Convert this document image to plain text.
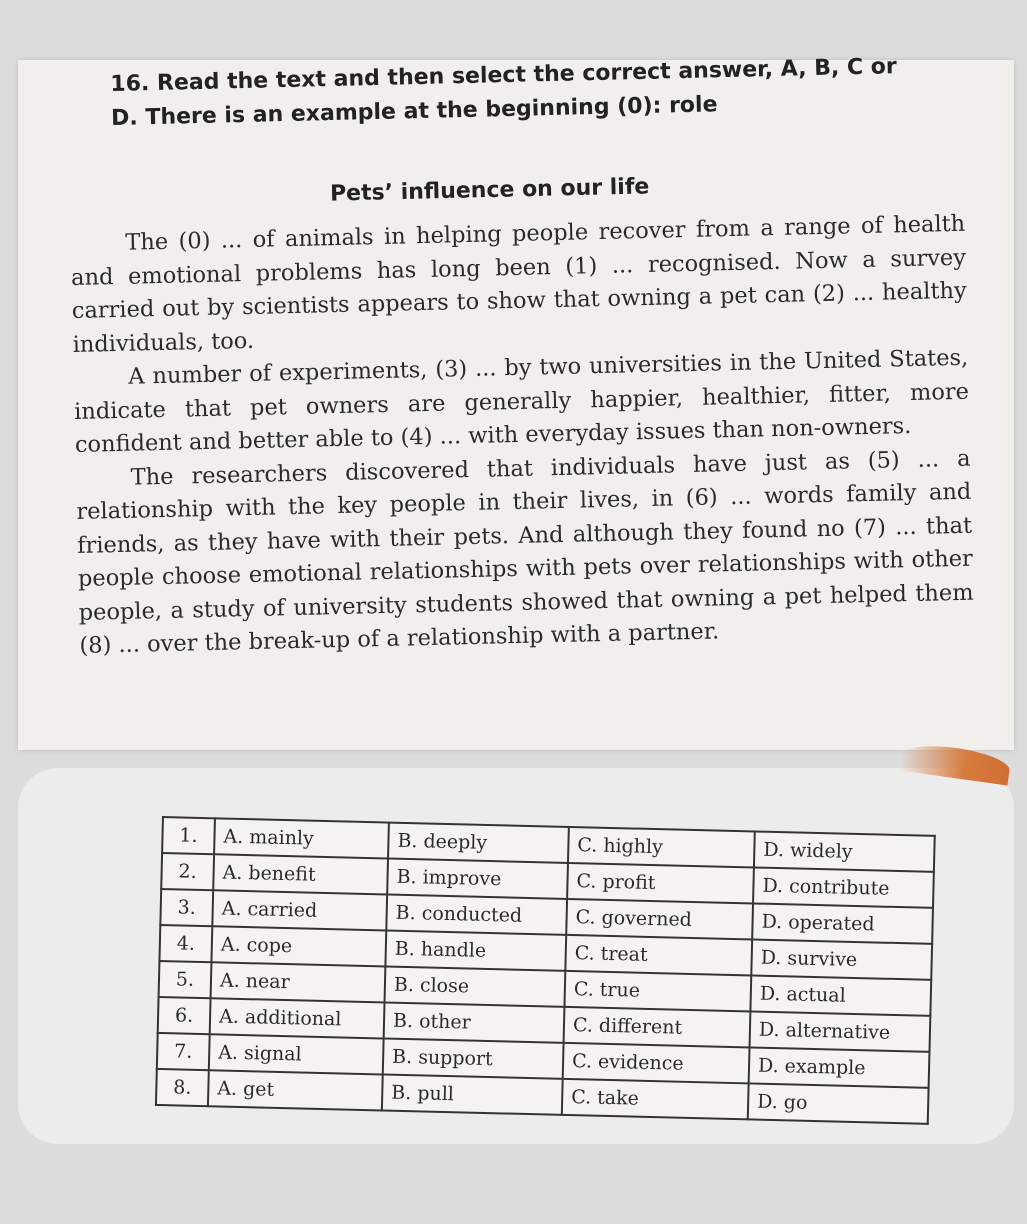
16. Read the text and then select the correct answer, A, B, C or
D. There is an example at the beginning (0): role
Pets’ influence on our life

The (0) ... of animals in helping people recover from a range of health and emotional problems has long been (1) ... recognised. Now a survey carried out by scientists appears to show that owning a pet can (2) ... healthy individuals, too.

A number of experiments, (3) ... by two universities in the United States, indicate that pet owners are generally happier, healthier, fitter, more confident and better able to (4) ... with everyday issues than non-owners.

The researchers discovered that individuals have just as (5) ... a relationship with the key people in their lives, in (6) ... words family and friends, as they have with their pets. And although they found no (7) ... that people choose emotional relationships with pets over relationships with other people, a study of university students showed that owning a pet helped them (8) ... over the break-up of a relationship with a partner.

1.	A. mainly	B. deeply	C. highly	D. widely
2.	A. benefit	B. improve	C. profit	D. contribute
3.	A. carried	B. conducted	C. governed	D. operated
4.	A. cope	B. handle	C. treat	D. survive
5.	A. near	B. close	C. true	D. actual
6.	A. additional	B. other	C. different	D. alternative
7.	A. signal	B. support	C. evidence	D. example
8.	A. get	B. pull	C. take	D. go
